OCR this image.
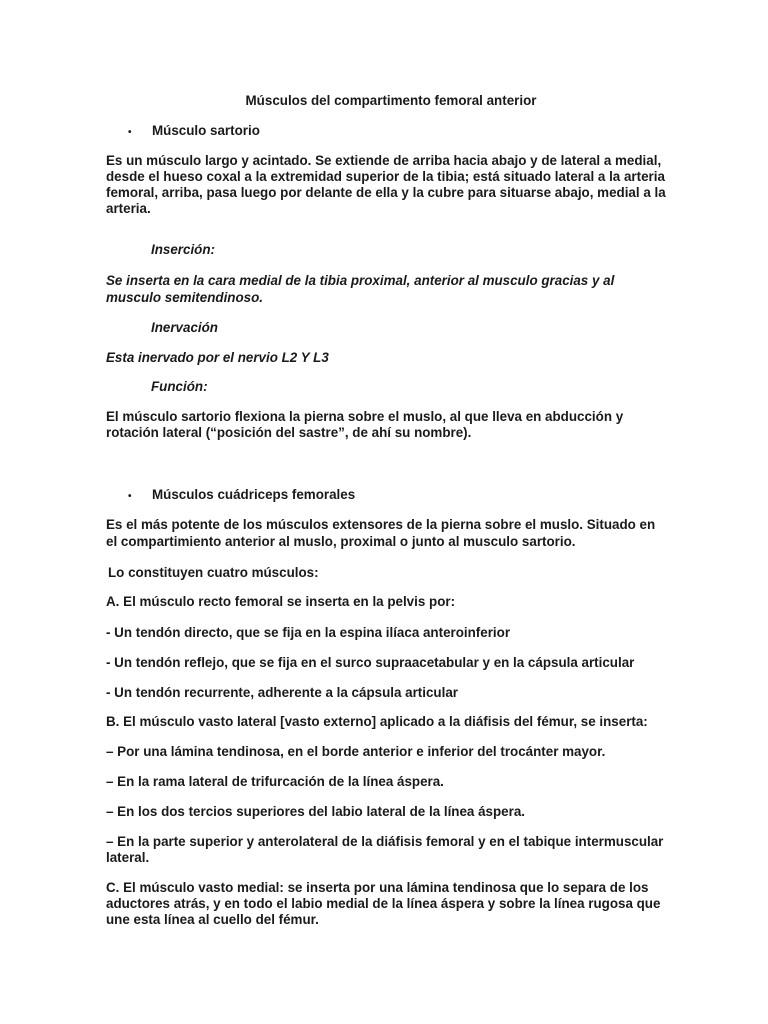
Músculos del compartimento femoral anterior

• Músculo sartorio

Es un músculo largo y acintado. Se extiende de arriba hacia abajo y de lateral a medial, desde el hueso coxal a la extremidad superior de la tibia; está situado lateral a la arteria femoral, arriba, pasa luego por delante de ella y la cubre para situarse abajo, medial a la arteria.

Inserción:

Se inserta en la cara medial de la tibia proximal, anterior al musculo gracias y al musculo semitendinoso.

Inervación

Esta inervado por el nervio L2 Y L3

Función:

El músculo sartorio flexiona la pierna sobre el muslo, al que lleva en abducción y rotación lateral (“posición del sastre”, de ahí su nombre).

• Músculos cuádriceps femorales

Es el más potente de los músculos extensores de la pierna sobre el muslo. Situado en el compartimiento anterior al muslo, proximal o junto al musculo sartorio.

Lo constituyen cuatro músculos:

A. El músculo recto femoral se inserta en la pelvis por:

- Un tendón directo, que se fija en la espina ilíaca anteroinferior

- Un tendón reflejo, que se fija en el surco supraacetabular y en la cápsula articular

- Un tendón recurrente, adherente a la cápsula articular

B. El músculo vasto lateral [vasto externo] aplicado a la diáfisis del fémur, se inserta:

– Por una lámina tendinosa, en el borde anterior e inferior del trocánter mayor.

– En la rama lateral de trifurcación de la línea áspera.

– En los dos tercios superiores del labio lateral de la línea áspera.

– En la parte superior y anterolateral de la diáfisis femoral y en el tabique intermuscular lateral.

C. El músculo vasto medial: se inserta por una lámina tendinosa que lo separa de los aductores atrás, y en todo el labio medial de la línea áspera y sobre la línea rugosa que une esta línea al cuello del fémur.
